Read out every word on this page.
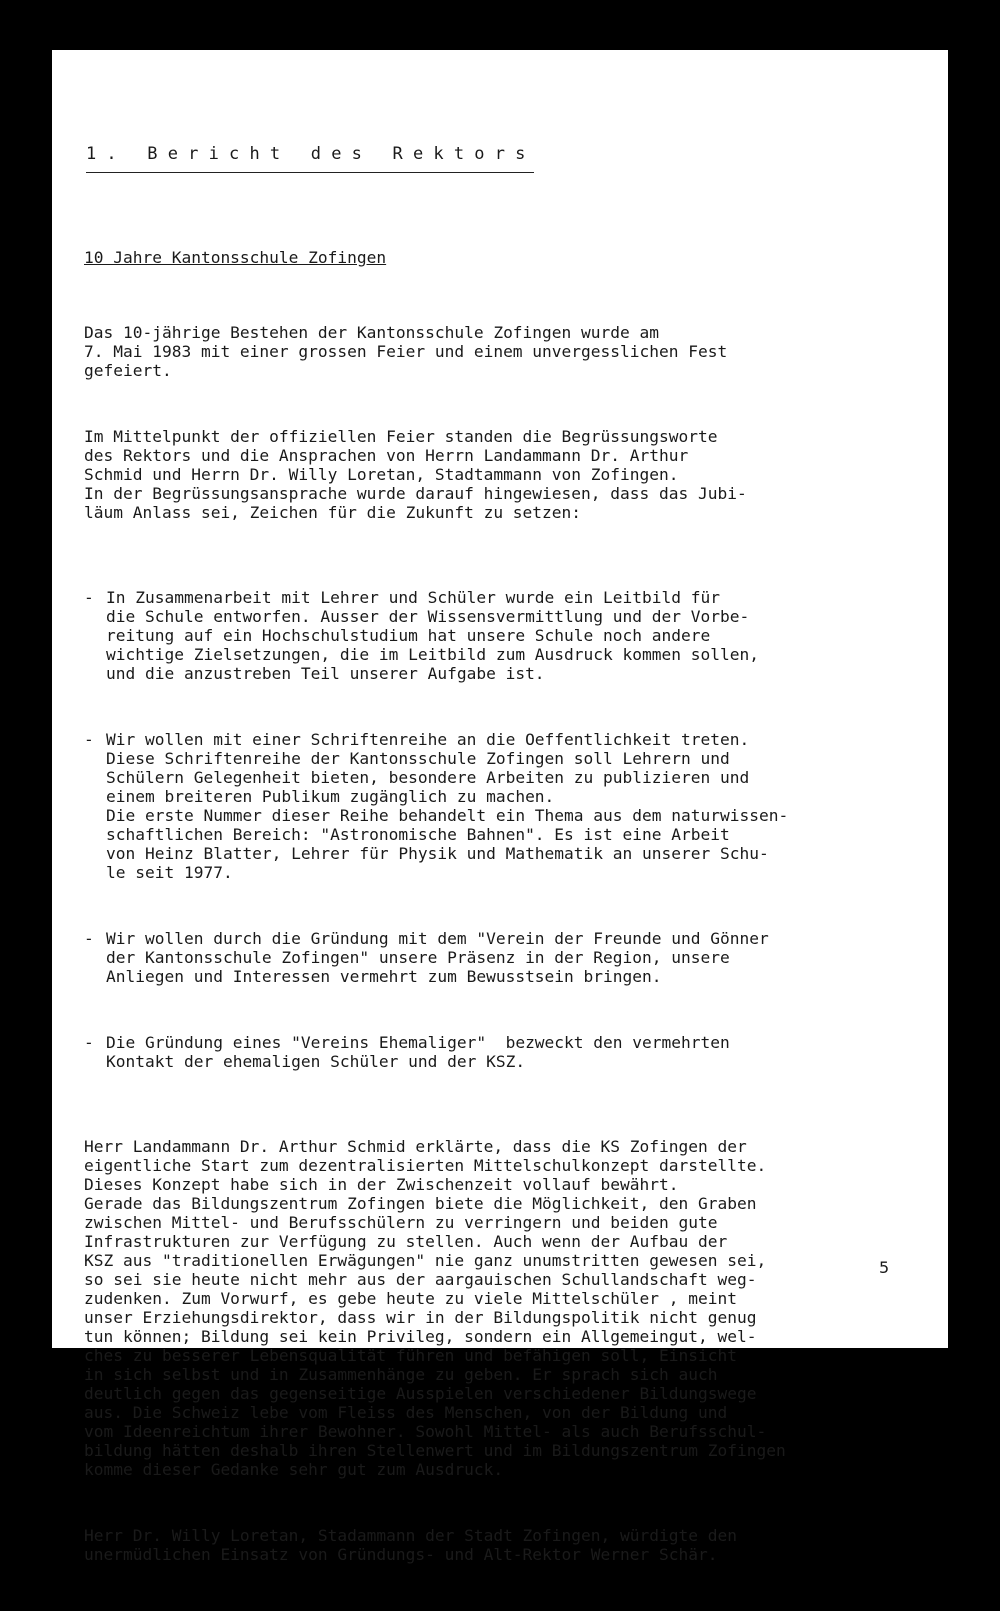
1. Bericht des Rektors

10 Jahre Kantonsschule Zofingen

Das 10-jährige Bestehen der Kantonsschule Zofingen wurde am
7. Mai 1983 mit einer grossen Feier und einem unvergesslichen Fest
gefeiert.

Im Mittelpunkt der offiziellen Feier standen die Begrüssungsworte
des Rektors und die Ansprachen von Herrn Landammann Dr. Arthur
Schmid und Herrn Dr. Willy Loretan, Stadtammann von Zofingen.
In der Begrüssungsansprache wurde darauf hingewiesen, dass das Jubi-
läum Anlass sei, Zeichen für die Zukunft zu setzen:

- In Zusammenarbeit mit Lehrer und Schüler wurde ein Leitbild für
die Schule entworfen. Ausser der Wissensvermittlung und der Vorbe-
reitung auf ein Hochschulstudium hat unsere Schule noch andere
wichtige Zielsetzungen, die im Leitbild zum Ausdruck kommen sollen,
und die anzustreben Teil unserer Aufgabe ist.

- Wir wollen mit einer Schriftenreihe an die Oeffentlichkeit treten.
Diese Schriftenreihe der Kantonsschule Zofingen soll Lehrern und
Schülern Gelegenheit bieten, besondere Arbeiten zu publizieren und
einem breiteren Publikum zugänglich zu machen.
Die erste Nummer dieser Reihe behandelt ein Thema aus dem naturwissen-
schaftlichen Bereich: "Astronomische Bahnen". Es ist eine Arbeit
von Heinz Blatter, Lehrer für Physik und Mathematik an unserer Schu-
le seit 1977.

- Wir wollen durch die Gründung mit dem "Verein der Freunde und Gönner
der Kantonsschule Zofingen" unsere Präsenz in der Region, unsere
Anliegen und Interessen vermehrt zum Bewusstsein bringen.

- Die Gründung eines "Vereins Ehemaliger"  bezweckt den vermehrten
Kontakt der ehemaligen Schüler und der KSZ.

Herr Landammann Dr. Arthur Schmid erklärte, dass die KS Zofingen der
eigentliche Start zum dezentralisierten Mittelschulkonzept darstellte.
Dieses Konzept habe sich in der Zwischenzeit vollauf bewährt.
Gerade das Bildungszentrum Zofingen biete die Möglichkeit, den Graben
zwischen Mittel- und Berufsschülern zu verringern und beiden gute
Infrastrukturen zur Verfügung zu stellen. Auch wenn der Aufbau der
KSZ aus "traditionellen Erwägungen" nie ganz unumstritten gewesen sei,
so sei sie heute nicht mehr aus der aargauischen Schullandschaft weg-
zudenken. Zum Vorwurf, es gebe heute zu viele Mittelschüler , meint
unser Erziehungsdirektor, dass wir in der Bildungspolitik nicht genug
tun können; Bildung sei kein Privileg, sondern ein Allgemeingut, wel-
ches zu besserer Lebensqualität führen und befähigen soll, Einsicht
in sich selbst und in Zusammenhänge zu geben. Er sprach sich auch
deutlich gegen das gegenseitige Ausspielen verschiedener Bildungswege
aus. Die Schweiz lebe vom Fleiss des Menschen, von der Bildung und
vom Ideenreichtum ihrer Bewohner. Sowohl Mittel- als auch Berufsschul-
bildung hätten deshalb ihren Stellenwert und im Bildungszentrum Zofingen
komme dieser Gedanke sehr gut zum Ausdruck.

Herr Dr. Willy Loretan, Stadammann der Stadt Zofingen, würdigte den
unermüdlichen Einsatz von Gründungs- und Alt-Rektor Werner Schär.

5
